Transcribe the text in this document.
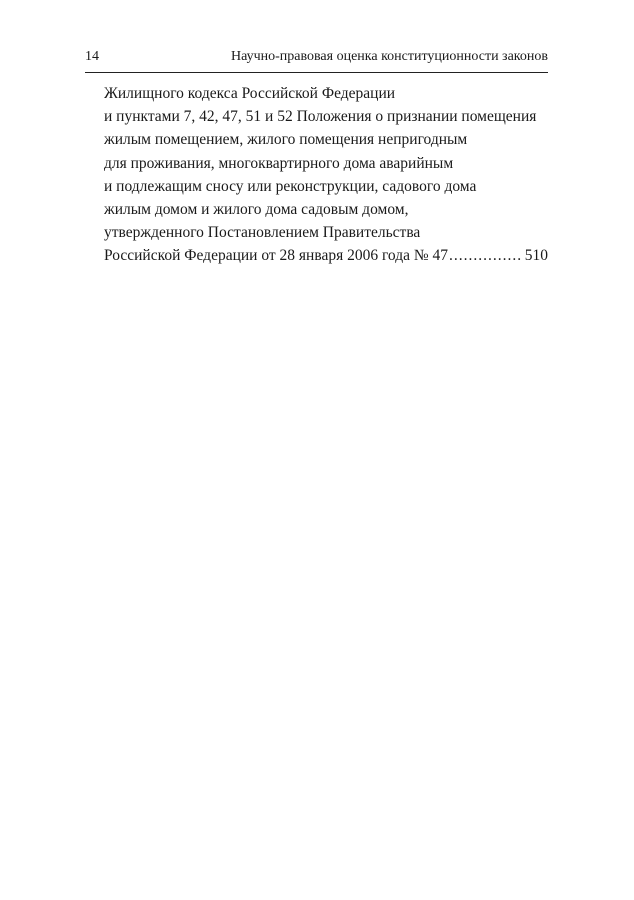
14	Научно-правовая оценка конституционности законов
Жилищного кодекса Российской Федерации
и пунктами 7, 42, 47, 51 и 52 Положения о признании помещения
жилым помещением, жилого помещения непригодным
для проживания, многоквартирного дома аварийным
и подлежащим сносу или реконструкции, садового дома
жилым домом и жилого дома садовым домом,
утвержденного Постановлением Правительства
Российской Федерации от 28 января 2006 года № 47
.....	510
